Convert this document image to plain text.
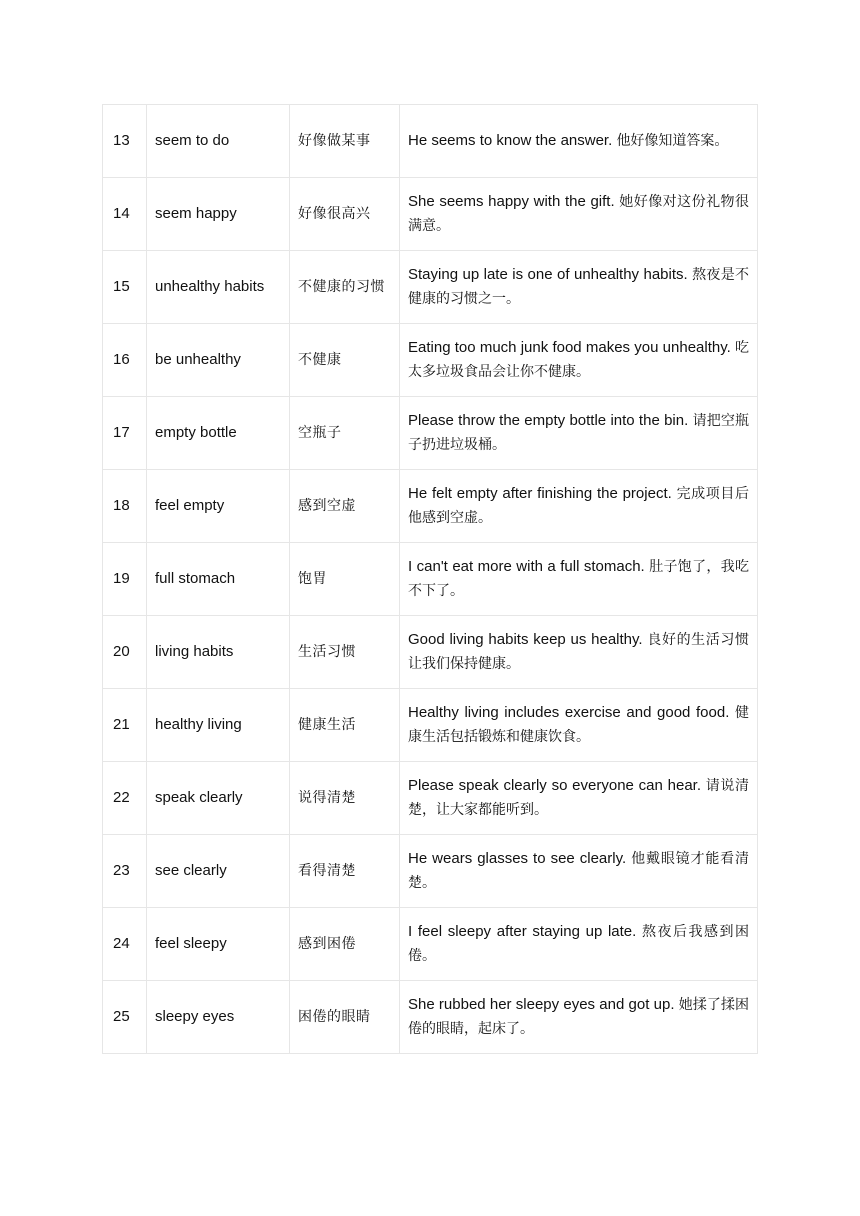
13	seem to do	好像做某事	He seems to know the answer. 他好像知道答案。
14	seem happy	好像很高兴	She seems happy with the gift. 她好像对这份礼物很满意。
15	unhealthy habits	不健康的习惯	Staying up late is one of unhealthy habits. 熬夜是不健康的习惯之一。
16	be unhealthy	不健康	Eating too much junk food makes you unhealthy. 吃太多垃圾食品会让你不健康。
17	empty bottle	空瓶子	Please throw the empty bottle into the bin. 请把空瓶子扔进垃圾桶。
18	feel empty	感到空虚	He felt empty after finishing the project. 完成项目后他感到空虚。
19	full stomach	饱胃	I can't eat more with a full stomach. 肚子饱了，我吃不下了。
20	living habits	生活习惯	Good living habits keep us healthy. 良好的生活习惯让我们保持健康。
21	healthy living	健康生活	Healthy living includes exercise and good food. 健康生活包括锻炼和健康饮食。
22	speak clearly	说得清楚	Please speak clearly so everyone can hear. 请说清楚，让大家都能听到。
23	see clearly	看得清楚	He wears glasses to see clearly. 他戴眼镜才能看清楚。
24	feel sleepy	感到困倦	I feel sleepy after staying up late. 熬夜后我感到困倦。
25	sleepy eyes	困倦的眼睛	She rubbed her sleepy eyes and got up. 她揉了揉困倦的眼睛，起床了。
